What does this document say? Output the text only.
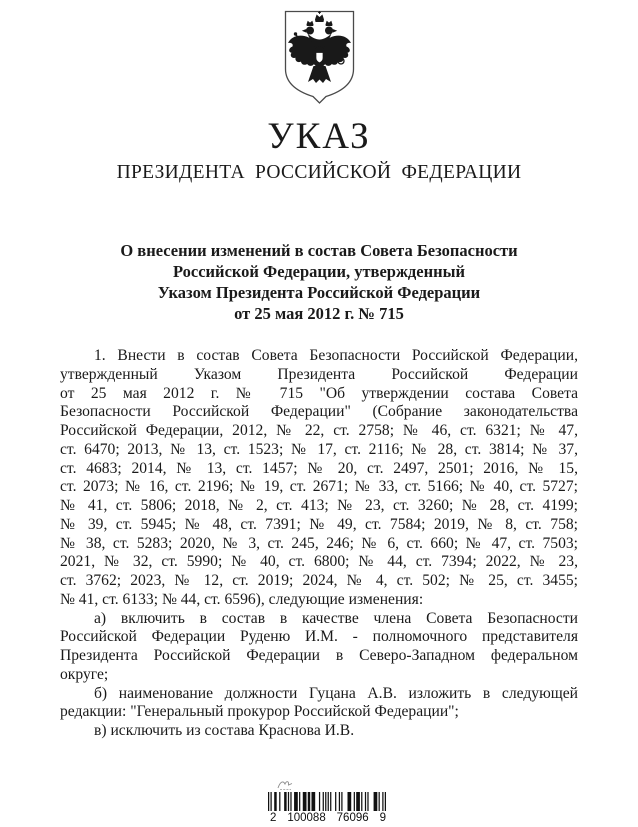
УКАЗ
ПРЕЗИДЕНТА РОССИЙСКОЙ ФЕДЕРАЦИИ
О внесении изменений в состав Совета Безопасности
Российской Федерации, утвержденный
Указом Президента Российской Федерации
от 25 мая 2012 г. № 715
1. Внести в состав Совета Безопасности Российской Федерации,
утвержденный Указом Президента Российской Федерации
от 25 мая 2012 г. № 715 "Об утверждении состава Совета
Безопасности Российской Федерации" (Собрание законодательства
Российской Федерации, 2012, № 22, ст. 2758; № 46, ст. 6321; № 47,
ст. 6470; 2013, № 13, ст. 1523; № 17, ст. 2116; № 28, ст. 3814; № 37,
ст. 4683; 2014, № 13, ст. 1457; № 20, ст. 2497, 2501; 2016, № 15,
ст. 2073; № 16, ст. 2196; № 19, ст. 2671; № 33, ст. 5166; № 40, ст. 5727;
№ 41, ст. 5806; 2018, № 2, ст. 413; № 23, ст. 3260; № 28, ст. 4199;
№ 39, ст. 5945; № 48, ст. 7391; № 49, ст. 7584; 2019, № 8, ст. 758;
№ 38, ст. 5283; 2020, № 3, ст. 245, 246; № 6, ст. 660; № 47, ст. 7503;
2021, № 32, ст. 5990; № 40, ст. 6800; № 44, ст. 7394; 2022, № 23,
ст. 3762; 2023, № 12, ст. 2019; 2024, № 4, ст. 502; № 25, ст. 3455;
№ 41, ст. 6133; № 44, ст. 6596), следующие изменения:
а) включить в состав в качестве члена Совета Безопасности
Российской Федерации Руденю И.М. - полномочного представителя
Президента Российской Федерации в Северо-Западном федеральном
округе;
б) наименование должности Гуцана А.В. изложить в следующей
редакции: "Генеральный прокурор Российской Федерации";
в) исключить из состава Краснова И.В.
2 100088 76096 9
